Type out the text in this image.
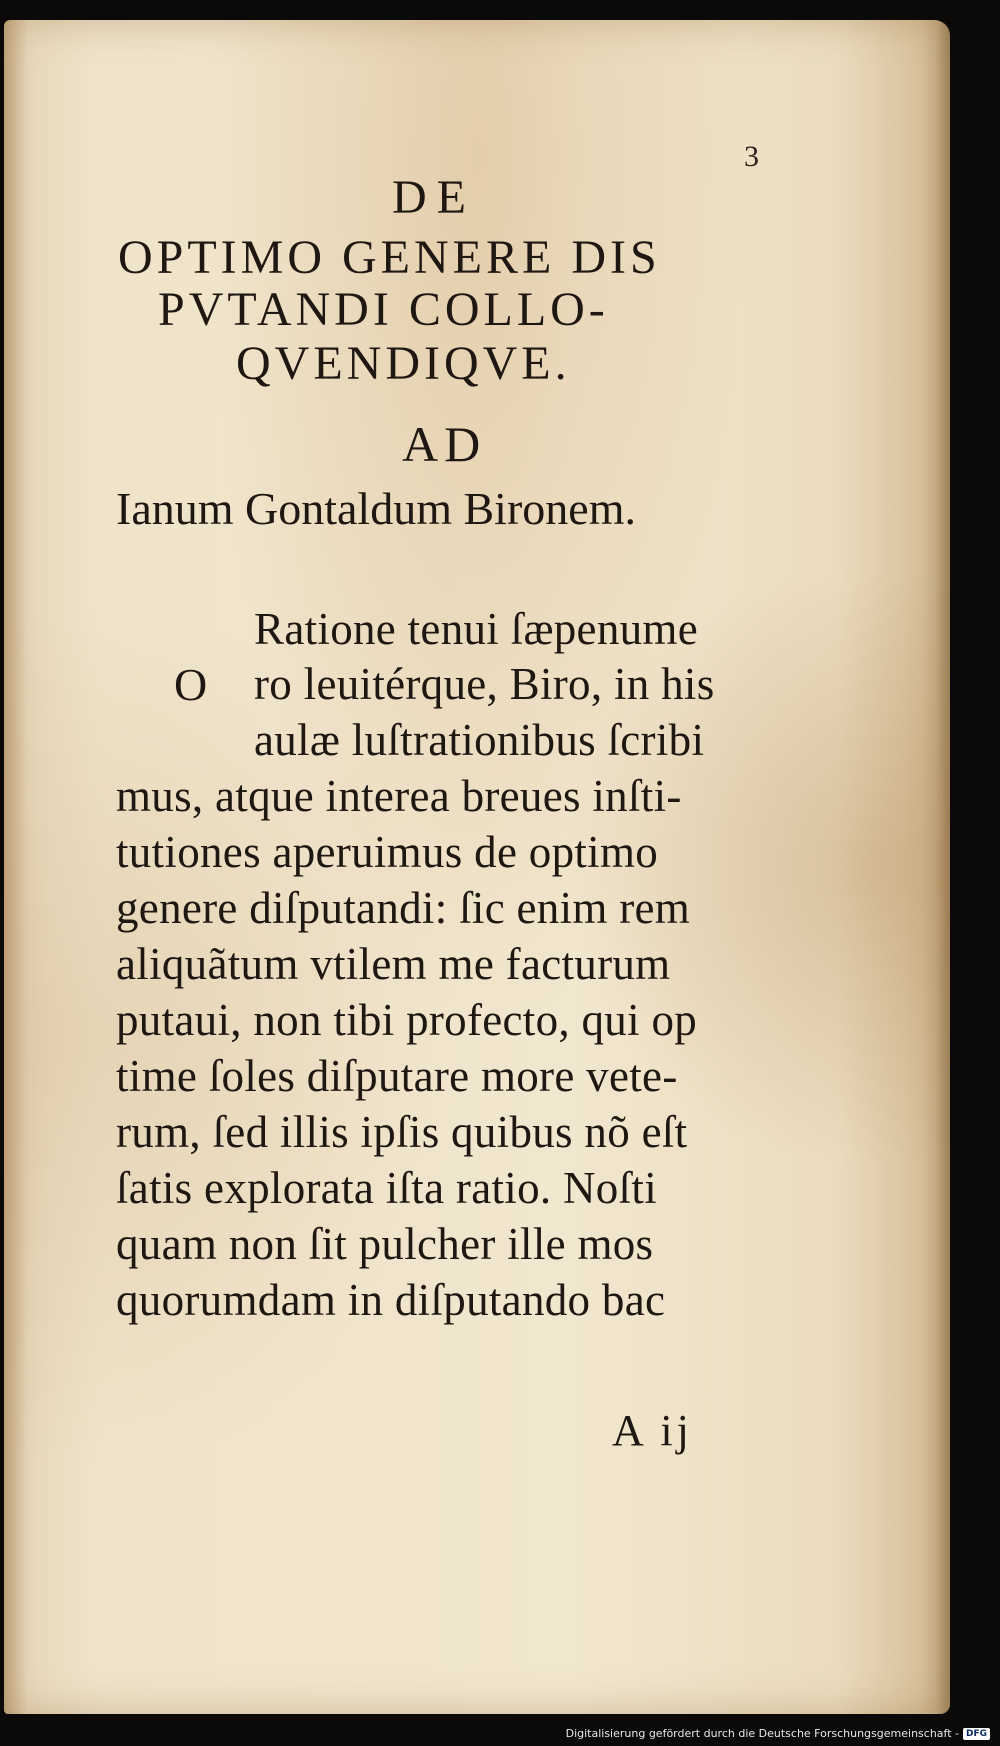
3
DE
OPTIMO GENERE DIS
PVTANDI COLLO-
QVENDIQVE.
AD
Ianum Gontaldum Bironem.
O
Ratione tenui ſæpenume
ro leuitérque, Biro, in his
aulæ luſtrationibus ſcribi
mus, atque interea breues inſti-
tutiones aperuimus de optimo
genere diſputandi: ſic enim rem
aliquãtum vtilem me facturum
putaui, non tibi profecto, qui op
time ſoles diſputare more vete-
rum, ſed illis ipſis quibus nõ eſt
ſatis explorata iſta ratio. Noſti
quam non ſit pulcher ille mos
quorumdam in diſputando bac
A ij
Digitalisierung gefördert durch die Deutsche Forschungsgemeinschaft - DFG
